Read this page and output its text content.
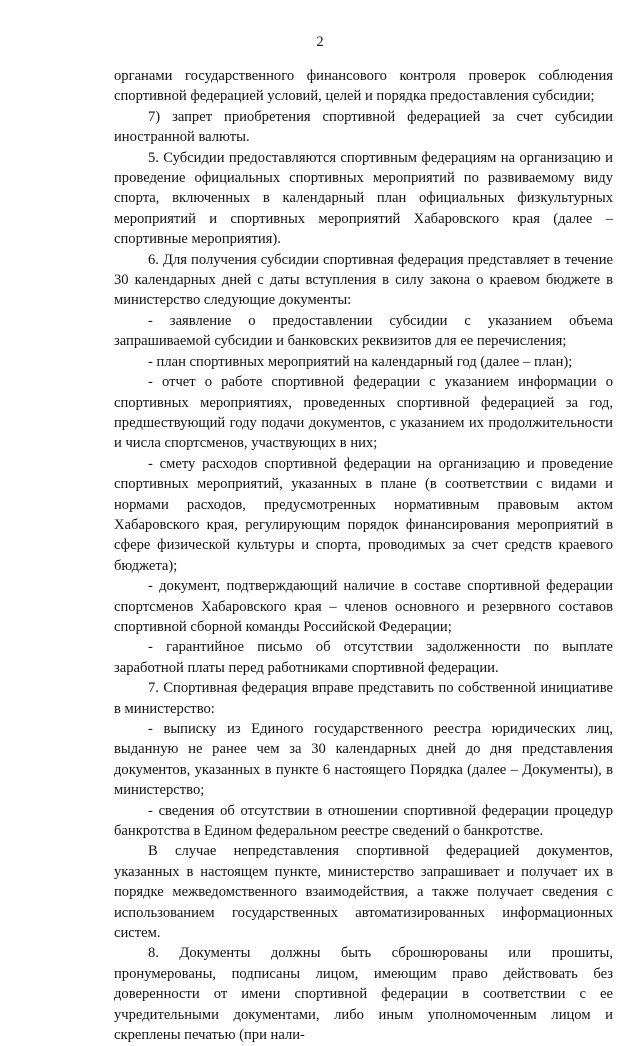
2

органами государственного финансового контроля проверок соблюдения спортивной федерацией условий, целей и порядка предоставления субсидии;

7) запрет приобретения спортивной федерацией за счет субсидии иностранной валюты.

5. Субсидии предоставляются спортивным федерациям на организацию и проведение официальных спортивных мероприятий по развиваемому виду спорта, включенных в календарный план официальных физкультурных мероприятий и спортивных мероприятий Хабаровского края (далее – спортивные мероприятия).

6. Для получения субсидии спортивная федерация представляет в течение 30 календарных дней с даты вступления в силу закона о краевом бюджете в министерство следующие документы:

- заявление о предоставлении субсидии с указанием объема запрашиваемой субсидии и банковских реквизитов для ее перечисления;

- план спортивных мероприятий на календарный год (далее – план);

- отчет о работе спортивной федерации с указанием информации о спортивных мероприятиях, проведенных спортивной федерацией за год, предшествующий году подачи документов, с указанием их продолжительности и числа спортсменов, участвующих в них;

- смету расходов спортивной федерации на организацию и проведение спортивных мероприятий, указанных в плане (в соответствии с видами и нормами расходов, предусмотренных нормативным правовым актом Хабаровского края, регулирующим порядок финансирования мероприятий в сфере физической культуры и спорта, проводимых за счет средств краевого бюджета);

- документ, подтверждающий наличие в составе спортивной федерации спортсменов Хабаровского края – членов основного и резервного составов спортивной сборной команды Российской Федерации;

- гарантийное письмо об отсутствии задолженности по выплате заработной платы перед работниками спортивной федерации.

7. Спортивная федерация вправе представить по собственной инициативе в министерство:

- выписку из Единого государственного реестра юридических лиц, выданную не ранее чем за 30 календарных дней до дня представления документов, указанных в пункте 6 настоящего Порядка (далее – Документы), в министерство;

- сведения об отсутствии в отношении спортивной федерации процедур банкротства в Едином федеральном реестре сведений о банкротстве.

В случае непредставления спортивной федерацией документов, указанных в настоящем пункте, министерство запрашивает и получает их в порядке межведомственного взаимодействия, а также получает сведения с использованием государственных автоматизированных информационных систем.

8. Документы должны быть сброшюрованы или прошиты, пронумерованы, подписаны лицом, имеющим право действовать без доверенности от имени спортивной федерации в соответствии с ее учредительными документами, либо иным уполномоченным лицом и скреплены печатью (при нали-
